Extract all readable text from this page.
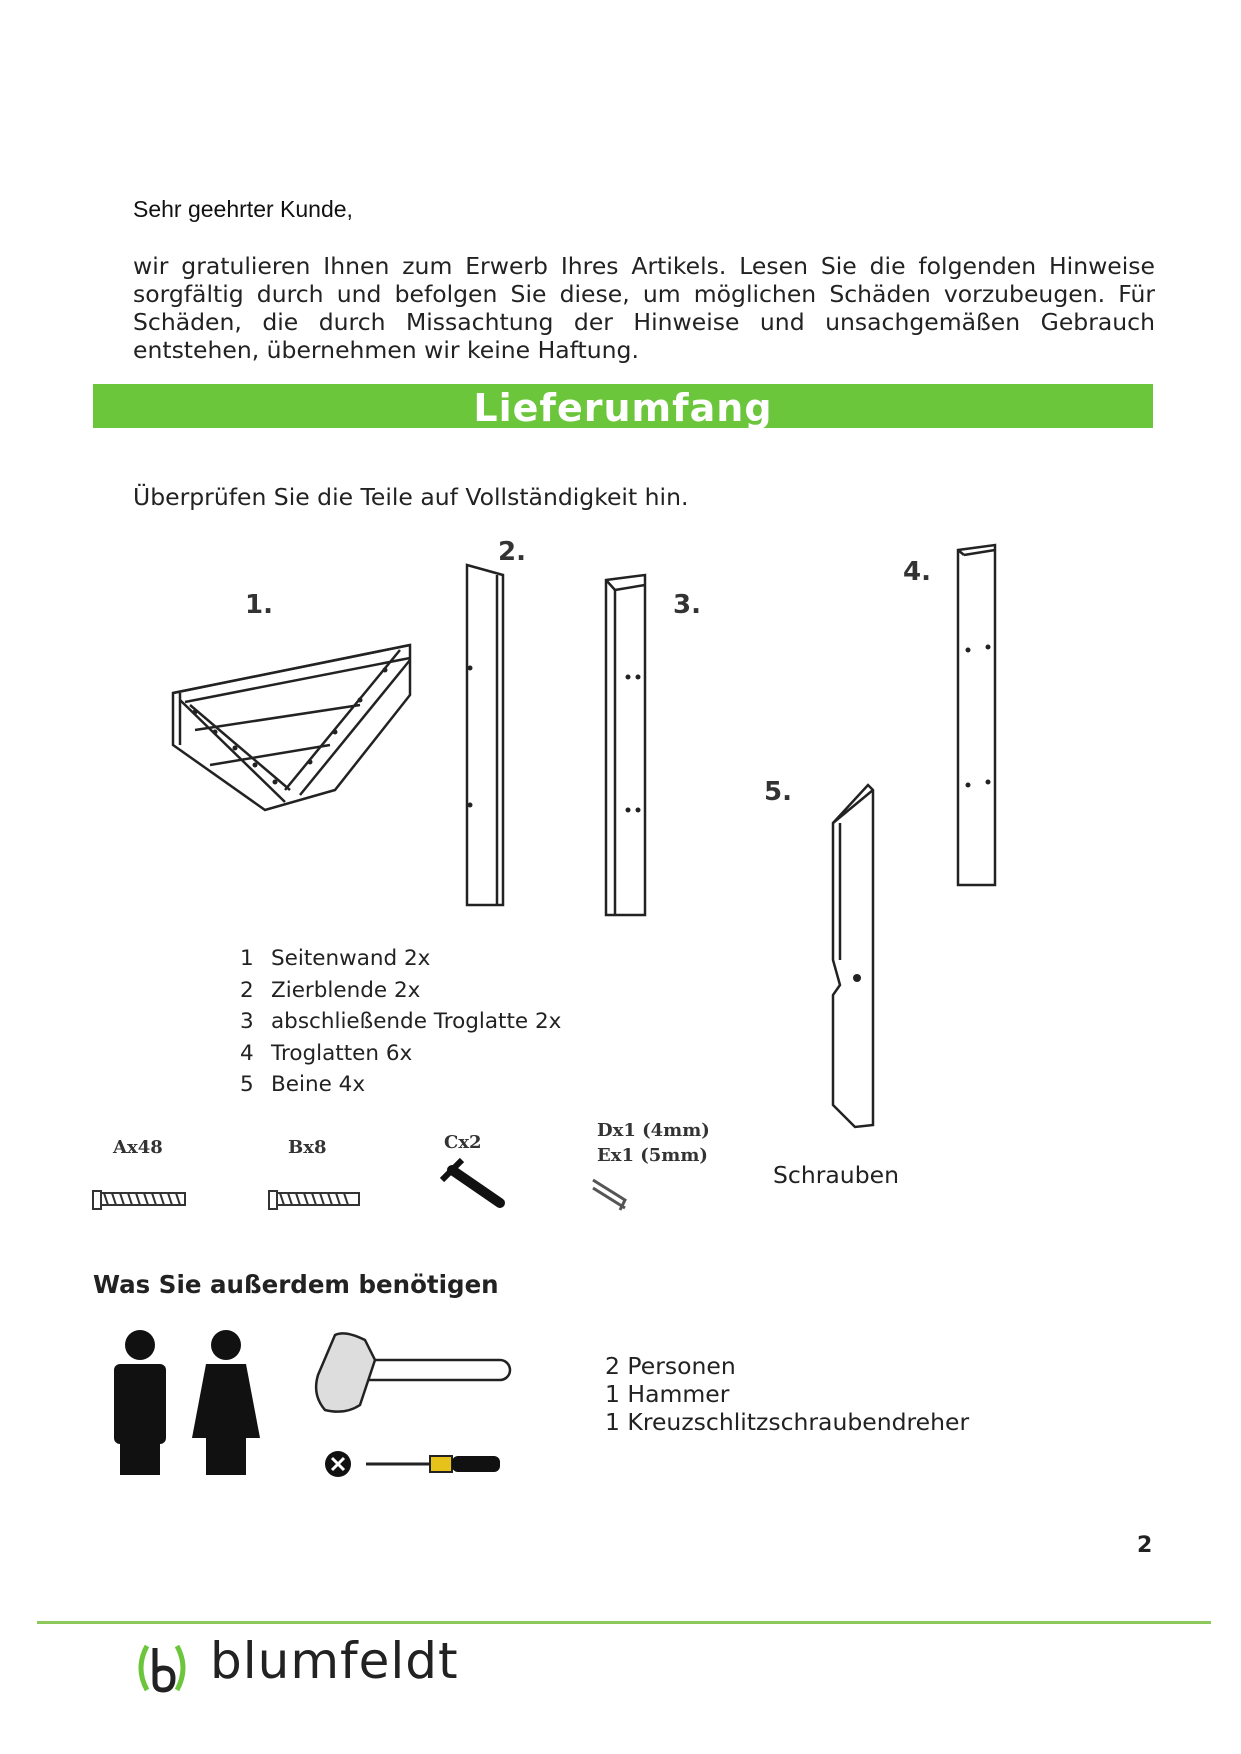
Sehr geehrter Kunde,
wir gratulieren Ihnen zum Erwerb Ihres Artikels. Lesen Sie die folgenden Hinweise sorgfältig durch und befolgen Sie diese, um möglichen Schäden vorzubeugen. Für Schäden, die durch Missachtung der Hinweise und unsachgemäßen Gebrauch entstehen, übernehmen wir keine Haftung.
Lieferumfang
Überprüfen Sie die Teile auf Vollständigkeit hin.
1.
2.
3.
4.
5.
1 Seitenwand 2x
2 Zierblende 2x
3 abschließende Troglatte 2x
4 Troglatten 6x
5 Beine 4x
Ax48	Bx8	Cx2
Dx1 (4mm)
Ex1 (5mm)
Schrauben
Was Sie außerdem benötigen
2 Personen
1 Hammer
1 Kreuzschlitzschraubendreher
2
blumfeldt
